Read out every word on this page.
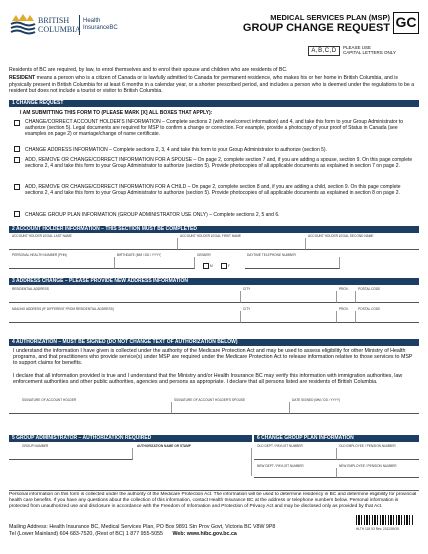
BRITISH
COLUMBIA
Health
InsuranceBC
MEDICAL SERVICES PLAN (MSP)
GROUP CHANGE REQUEST GC
A,B,C,D
PLEASE USE
CAPITAL LETTERS ONLY
Residents of BC are required, by law, to enrol themselves and to enrol their spouse and children who are residents of BC.
RESIDENT means a person who is a citizen of Canada or is lawfully admitted to Canada for permanent residence, who makes his or her home in British Columbia, and is physically present in British Columbia for at least 6 months in a calendar year, or a shorter prescribed period, and includes a person who is deemed under the regulations to be a resident but does not include a tourist or visitor to British Columbia.
1 CHANGE REQUEST
I AM SUBMITTING THIS FORM TO (PLEASE MARK [X] ALL BOXES THAT APPLY):
CHANGE/CORRECT ACCOUNT HOLDER'S INFORMATION – Complete sections 2 (with new/correct information) and 4, and take this form to your Group Administrator to authorize (section 5). Legal documents are required for MSP to confirm a change or correction. For example, provide a photocopy of your proof of Status in Canada (see examples on page 2) or marriage/change of name certificate.
CHANGE ADDRESS INFORMATION – Complete sections 2, 3, 4 and take this form to your Group Administrator to authorize (section 5).
ADD, REMOVE OR CHANGE/CORRECT INFORMATION FOR A SPOUSE – On page 2, complete section 7 and, if you are adding a spouse, section 9. On this page complete sections 2, 4 and take this form to your Group Administrator to authorize (section 5). Provide photocopies of all applicable documents as explained in section 7 on page 2.
ADD, REMOVE OR CHANGE/CORRECT INFORMATION FOR A CHILD – On page 2, complete section 8 and, if you are adding a child, section 9. On this page complete sections 2, 4 and take this form to your Group Administrator to authorize (section 5). Provide photocopies of all applicable documents as explained in section 8 on page 2.
CHANGE GROUP PLAN INFORMATION (GROUP ADMINISTRATOR USE ONLY) – Complete sections 2, 5 and 6.
2 ACCOUNT HOLDER INFORMATION – THIS SECTION MUST BE COMPLETED
ACCOUNT HOLDER LEGAL LAST NAME	ACCOUNT HOLDER LEGAL FIRST NAME	ACCOUNT HOLDER LEGAL SECOND NAME
PERSONAL HEALTH NUMBER (PHN)	BIRTHDATE (MM / DD / YYYY)	GENDER	DAYTIME TELEPHONE NUMBER
M	F
3 ADDRESS CHANGE – PLEASE PROVIDE NEW ADDRESS INFORMATION
RESIDENTIAL ADDRESS	CITY	PROV.	POSTAL CODE
MAILING ADDRESS (IF DIFFERENT FROM RESIDENTIAL ADDRESS)	CITY	PROV.	POSTAL CODE
4 AUTHORIZATION – MUST BE SIGNED (DO NOT CHANGE TEXT OF AUTHORIZATION BELOW)
I understand the information I have given is collected under the authority of the Medicare Protection Act and may be used to assess eligibility for other Ministry of Health programs, and that practitioners who provide service(s) under MSP are required under the Medicare Protection Act to release information relative to those services to MSP to support claims for benefits.
I declare that all information provided is true and I understand that the Ministry and/or Health Insurance BC may verify this information with immigration authorities, law enforcement authorities and other public authorities, agencies and persons as appropriate. I declare that all persons listed are residents of British Columbia.
SIGNATURE OF ACCOUNT HOLDER	SIGNATURE OF ACCOUNT HOLDER'S SPOUSE	DATE SIGNED (MM / DD / YYYY)
5 GROUP ADMINISTRATOR – AUTHORIZATION REQUIRED	6 CHANGE GROUP PLAN INFORMATION
GROUP NUMBER	AUTHORIZATION NAME OR STAMP	OLD DEPT / PAYLIST NUMBER	OLD EMPLOYEE / PENSION NUMBER
NEW DEPT / PAYLIST NUMBER	NEW EMPLOYEE / PENSION NUMBER
Personal information on this form is collected under the authority of the Medicare Protection Act. The information will be used to determine residency in BC and determine eligibility for provincial health care benefits. If you have any questions about the collection of this information, contact Health Insurance BC at the address or telephone numbers below. Personal information is protected from unauthorized use and disclosure in accordance with the Freedom of Information and Protection of Privacy Act and may be disclosed only as provided by that Act.
Mailing Address: Health Insurance BC, Medical Services Plan, PO Box 9891 Stn Prov Govt, Victoria BC V8W 9P8
Tel (Lower Mainland) 604 683-7520, (Rest of BC) 1 877 955-5055 Web: www.hibc.gov.bc.ca
HLTH 118 V3 Rev. 2012/09/19
